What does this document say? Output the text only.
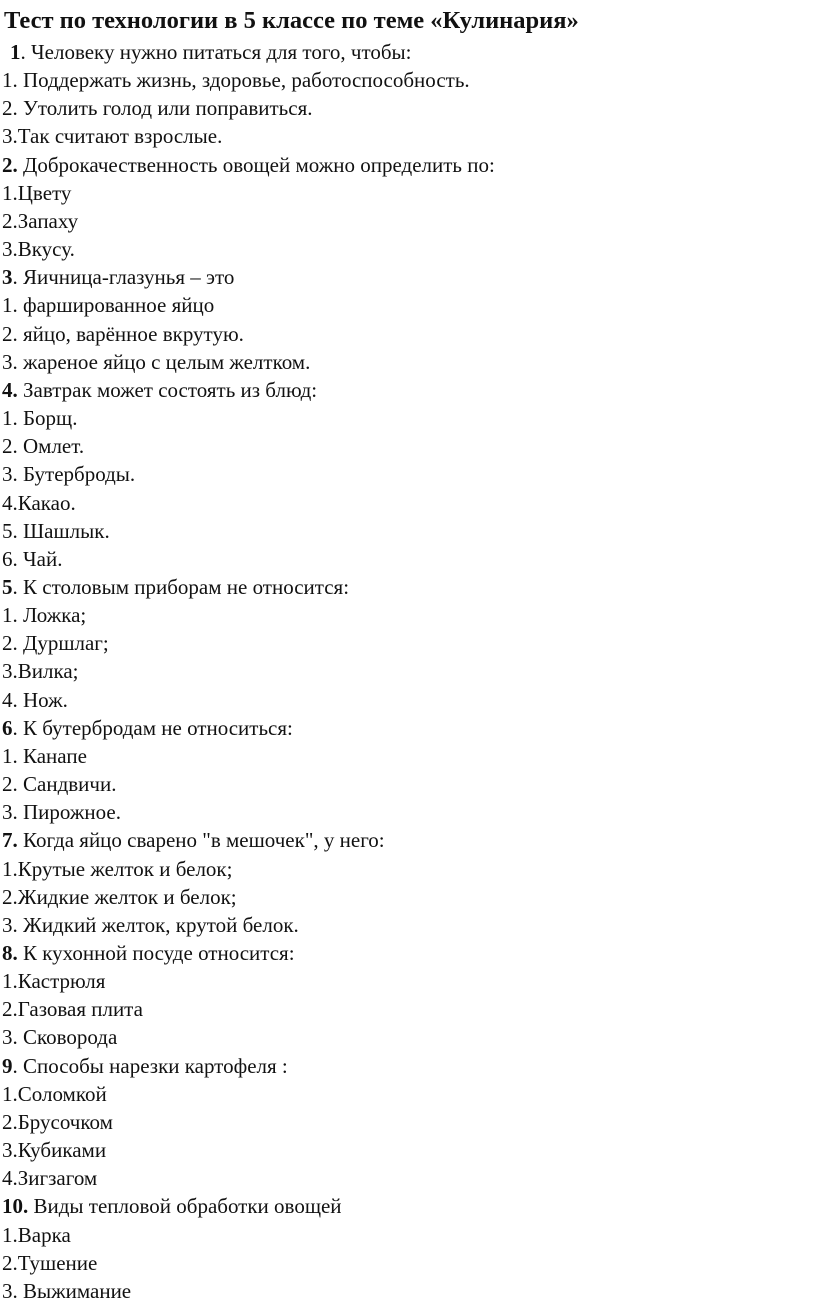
Тест по технологии в 5 классе по теме «Кулинария»
1. Человеку нужно питаться для того, чтобы:
1. Поддержать жизнь, здоровье, работоспособность.
2. Утолить голод или поправиться.
3.Так считают взрослые.
2. Доброкачественность овощей можно определить по:
1.Цвету
2.Запаху
3.Вкусу.
3. Яичница-глазунья – это
1. фаршированное яйцо
2. яйцо, варённое вкрутую.
3. жареное яйцо с целым желтком.
4. Завтрак может состоять из блюд:
1. Борщ.
2. Омлет.
3. Бутерброды.
4.Какао.
5. Шашлык.
6. Чай.
5. К столовым приборам не относится:
1. Ложка;
2. Дуршлаг;
3.Вилка;
4. Нож.
6. К бутербродам не относиться:
1. Канапе
2. Сандвичи.
3. Пирожное.
7. Когда яйцо сварено "в мешочек", у него:
1.Крутые желток и белок;
2.Жидкие желток и белок;
3. Жидкий желток, крутой белок.
8. К кухонной посуде относится:
1.Кастрюля
2.Газовая плита
3. Сковорода
9. Способы нарезки картофеля :
1.Соломкой
2.Брусочком
3.Кубиками
4.Зигзагом
10. Виды тепловой обработки овощей
1.Варка
2.Тушение
3. Выжимание
